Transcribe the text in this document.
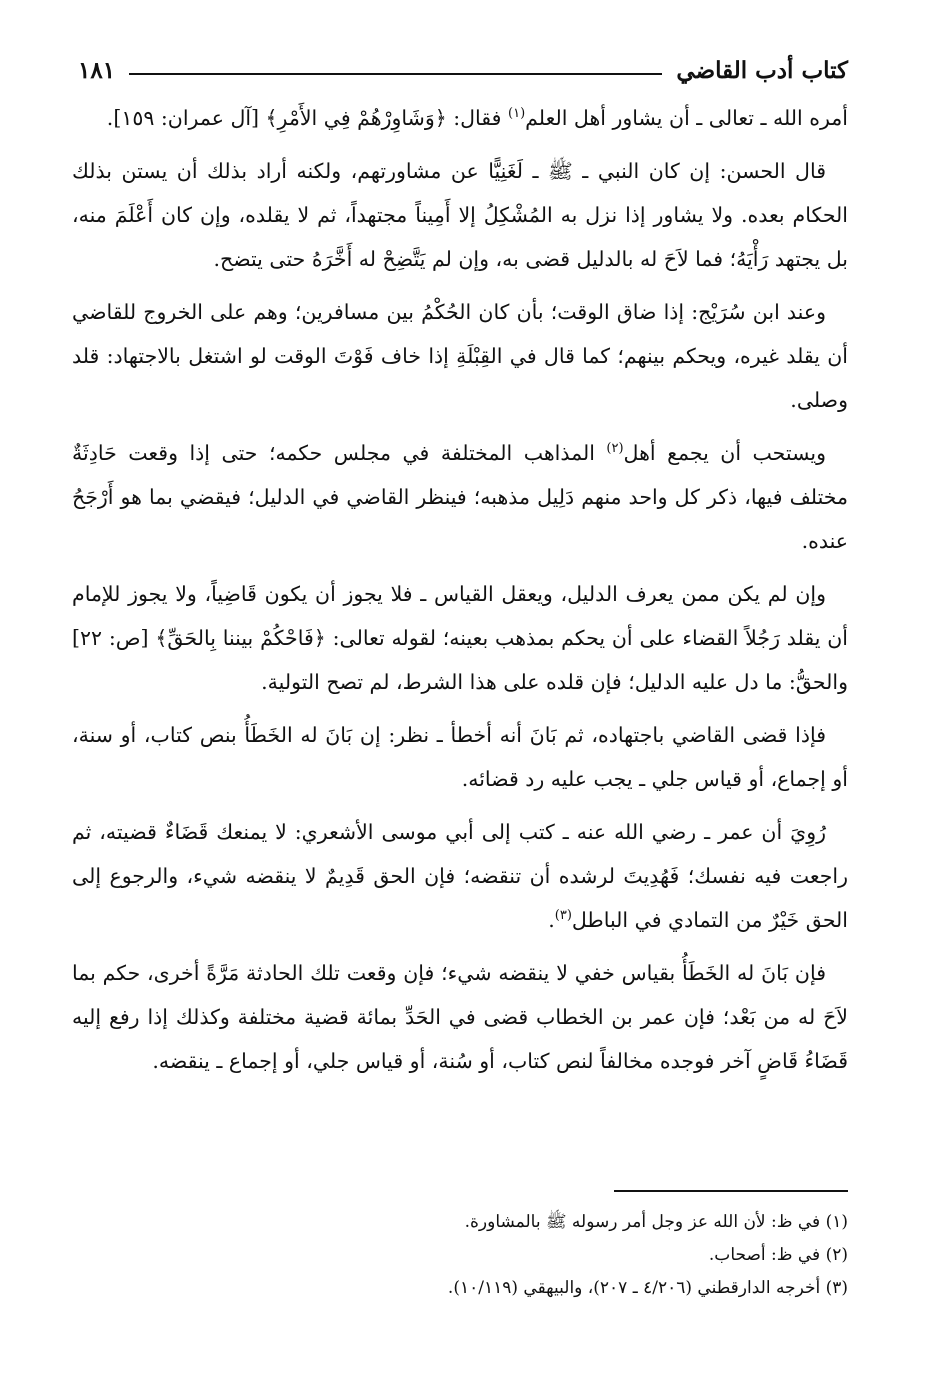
كتاب أدب القاضي
١٨١

أمره الله ـ تعالى ـ أن يشاور أهل العلم$^{(١)}$ فقال: ﴿وَشَاوِرْهُمْ فِي الأَمْرِ﴾ [آل عمران: ١٥٩].

قال الحسن: إن كان النبي ـ ﷺ ـ لَغَنِيًّا عن مشاورتهم، ولكنه أراد بذلك أن يستن بذلك الحكام بعده. ولا يشاور إذا نزل به المُشْكِلُ إلا أَمِيناً مجتهداً، ثم لا يقلده، وإن كان أَعْلَمَ منه، بل يجتهد رَأْيَهُ؛ فما لاَحَ له بالدليل قضى به، وإن لم يَتَّضِحْ له أَخَّرَهُ حتى يتضح.

وعند ابن سُرَيْج: إذا ضاق الوقت؛ بأن كان الحُكْمُ بين مسافرين؛ وهم على الخروج للقاضي أن يقلد غيره، ويحكم بينهم؛ كما قال في القِبْلَةِ إذا خاف فَوْتَ الوقت لو اشتغل بالاجتهاد: قلد وصلى.

ويستحب أن يجمع أهل$^{(٢)}$ المذاهب المختلفة في مجلس حكمه؛ حتى إذا وقعت حَادِثَةٌ مختلف فيها، ذكر كل واحد منهم دَلِيل مذهبه؛ فينظر القاضي في الدليل؛ فيقضي بما هو أَرْجَحُ عنده.

وإن لم يكن ممن يعرف الدليل، ويعقل القياس ـ فلا يجوز أن يكون قَاضِياً، ولا يجوز للإمام أن يقلد رَجُلاً القضاء على أن يحكم بمذهب بعينه؛ لقوله تعالى: ﴿فَاحْكُمْ بيننا بِالحَقِّ﴾ [ص: ٢٢] والحقُّ: ما دل عليه الدليل؛ فإن قلده على هذا الشرط، لم تصح التولية.

فإذا قضى القاضي باجتهاده، ثم بَانَ أنه أخطأ ـ نظر: إن بَانَ له الخَطَأُ بنص كتاب، أو سنة، أو إجماع، أو قياس جلي ـ يجب عليه رد قضائه.

رُوِيَ أن عمر ـ رضي الله عنه ـ كتب إلى أبي موسى الأشعري: لا يمنعك قَضَاءٌ قضيته، ثم راجعت فيه نفسك؛ فَهُدِيتَ لرشده أن تنقضه؛ فإن الحق قَدِيمٌ لا ينقضه شيء، والرجوع إلى الحق خَيْرٌ من التمادي في الباطل$^{(٣)}$.

فإن بَانَ له الخَطَأُ بقياس خفي لا ينقضه شيء؛ فإن وقعت تلك الحادثة مَرَّةً أخرى، حكم بما لاَحَ له من بَعْد؛ فإن عمر بن الخطاب قضى في الحَدِّ بمائة قضية مختلفة وكذلك إذا رفع إليه قَضَاءُ قَاضٍ آخر فوجده مخالفاً لنص كتاب، أو سُنة، أو قياس جلي، أو إجماع ـ ينقضه.

(١) في ظ: لأن الله عز وجل أمر رسوله ﷺ بالمشاورة.

(٢) في ظ: أصحاب.

(٣) أخرجه الدارقطني (٤/٢٠٦ ـ ٢٠٧)، والبيهقي (١٠/١١٩).
